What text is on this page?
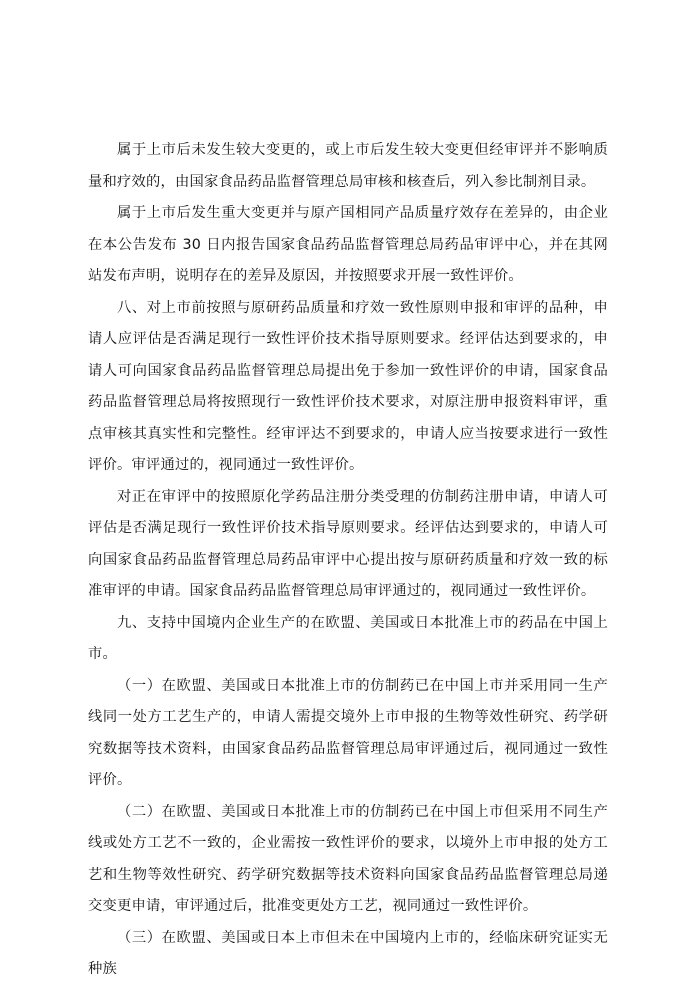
属于上市后未发生较大变更的，或上市后发生较大变更但经审评并不影响质量和疗效的，由国家食品药品监督管理总局审核和核查后，列入参比制剂目录。

属于上市后发生重大变更并与原产国相同产品质量疗效存在差异的，由企业在本公告发布 30 日内报告国家食品药品监督管理总局药品审评中心，并在其网站发布声明，说明存在的差异及原因，并按照要求开展一致性评价。

八、对上市前按照与原研药品质量和疗效一致性原则申报和审评的品种，申请人应评估是否满足现行一致性评价技术指导原则要求。经评估达到要求的，申请人可向国家食品药品监督管理总局提出免于参加一致性评价的申请，国家食品药品监督管理总局将按照现行一致性评价技术要求，对原注册申报资料审评，重点审核其真实性和完整性。经审评达不到要求的，申请人应当按要求进行一致性评价。审评通过的，视同通过一致性评价。

对正在审评中的按照原化学药品注册分类受理的仿制药注册申请，申请人可评估是否满足现行一致性评价技术指导原则要求。经评估达到要求的，申请人可向国家食品药品监督管理总局药品审评中心提出按与原研药质量和疗效一致的标准审评的申请。国家食品药品监督管理总局审评通过的，视同通过一致性评价。

九、支持中国境内企业生产的在欧盟、美国或日本批准上市的药品在中国上市。

（一）在欧盟、美国或日本批准上市的仿制药已在中国上市并采用同一生产线同一处方工艺生产的，申请人需提交境外上市申报的生物等效性研究、药学研究数据等技术资料，由国家食品药品监督管理总局审评通过后，视同通过一致性评价。

（二）在欧盟、美国或日本批准上市的仿制药已在中国上市但采用不同生产线或处方工艺不一致的，企业需按一致性评价的要求，以境外上市申报的处方工艺和生物等效性研究、药学研究数据等技术资料向国家食品药品监督管理总局递交变更申请，审评通过后，批准变更处方工艺，视同通过一致性评价。

（三）在欧盟、美国或日本上市但未在中国境内上市的，经临床研究证实无种族
